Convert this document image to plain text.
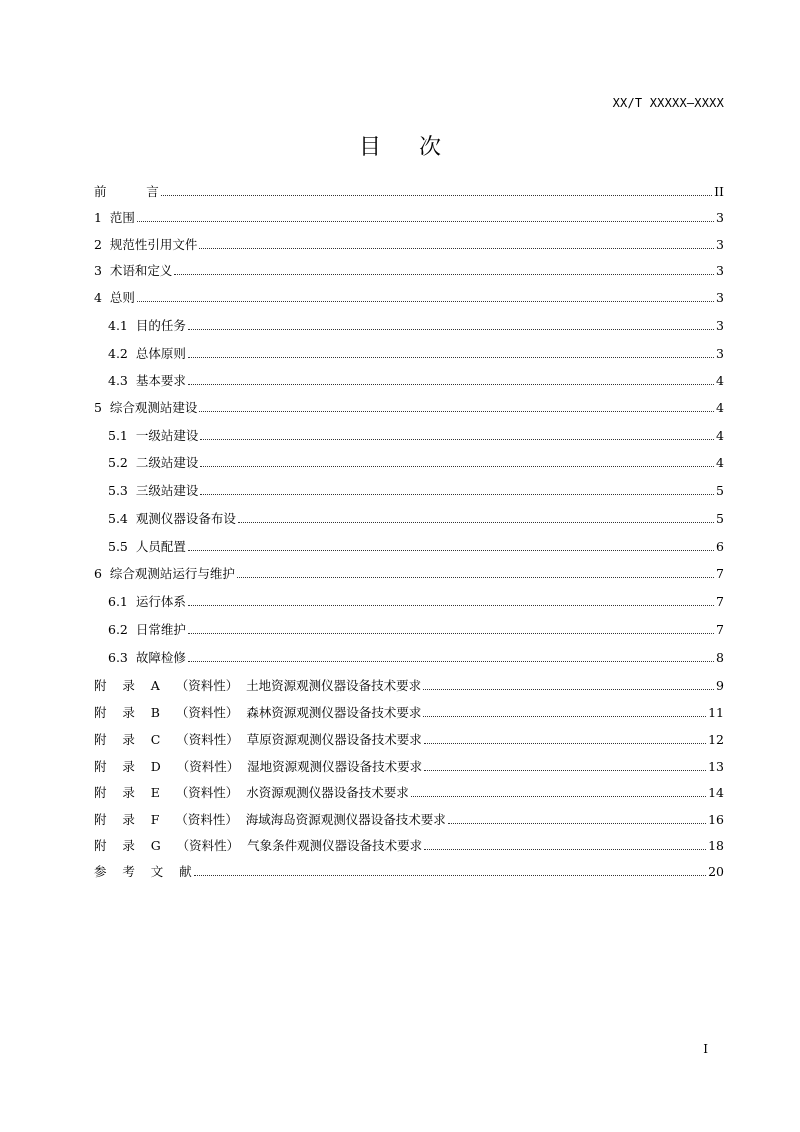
XX/T XXXXX—XXXX
目 次
前          言	II
1  范围	3
2  规范性引用文件	3
3  术语和定义	3
4  总则	3
4.1  目的任务	3
4.2  总体原则	3
4.3  基本要求	4
5  综合观测站建设	4
5.1  一级站建设	4
5.2  二级站建设	4
5.3  三级站建设	5
5.4  观测仪器设备布设	5
5.5  人员配置	6
6  综合观测站运行与维护	7
6.1  运行体系	7
6.2  日常维护	7
6.3  故障检修	8
附    录    A    （资料性）  土地资源观测仪器设备技术要求	9
附    录    B    （资料性）  森林资源观测仪器设备技术要求	11
附    录    C    （资料性）  草原资源观测仪器设备技术要求	12
附    录    D    （资料性）  湿地资源观测仪器设备技术要求	13
附    录    E    （资料性）  水资源观测仪器设备技术要求	14
附    录    F    （资料性）  海域海岛资源观测仪器设备技术要求	16
附    录    G    （资料性）  气象条件观测仪器设备技术要求	18
参    考    文    献	20
I
